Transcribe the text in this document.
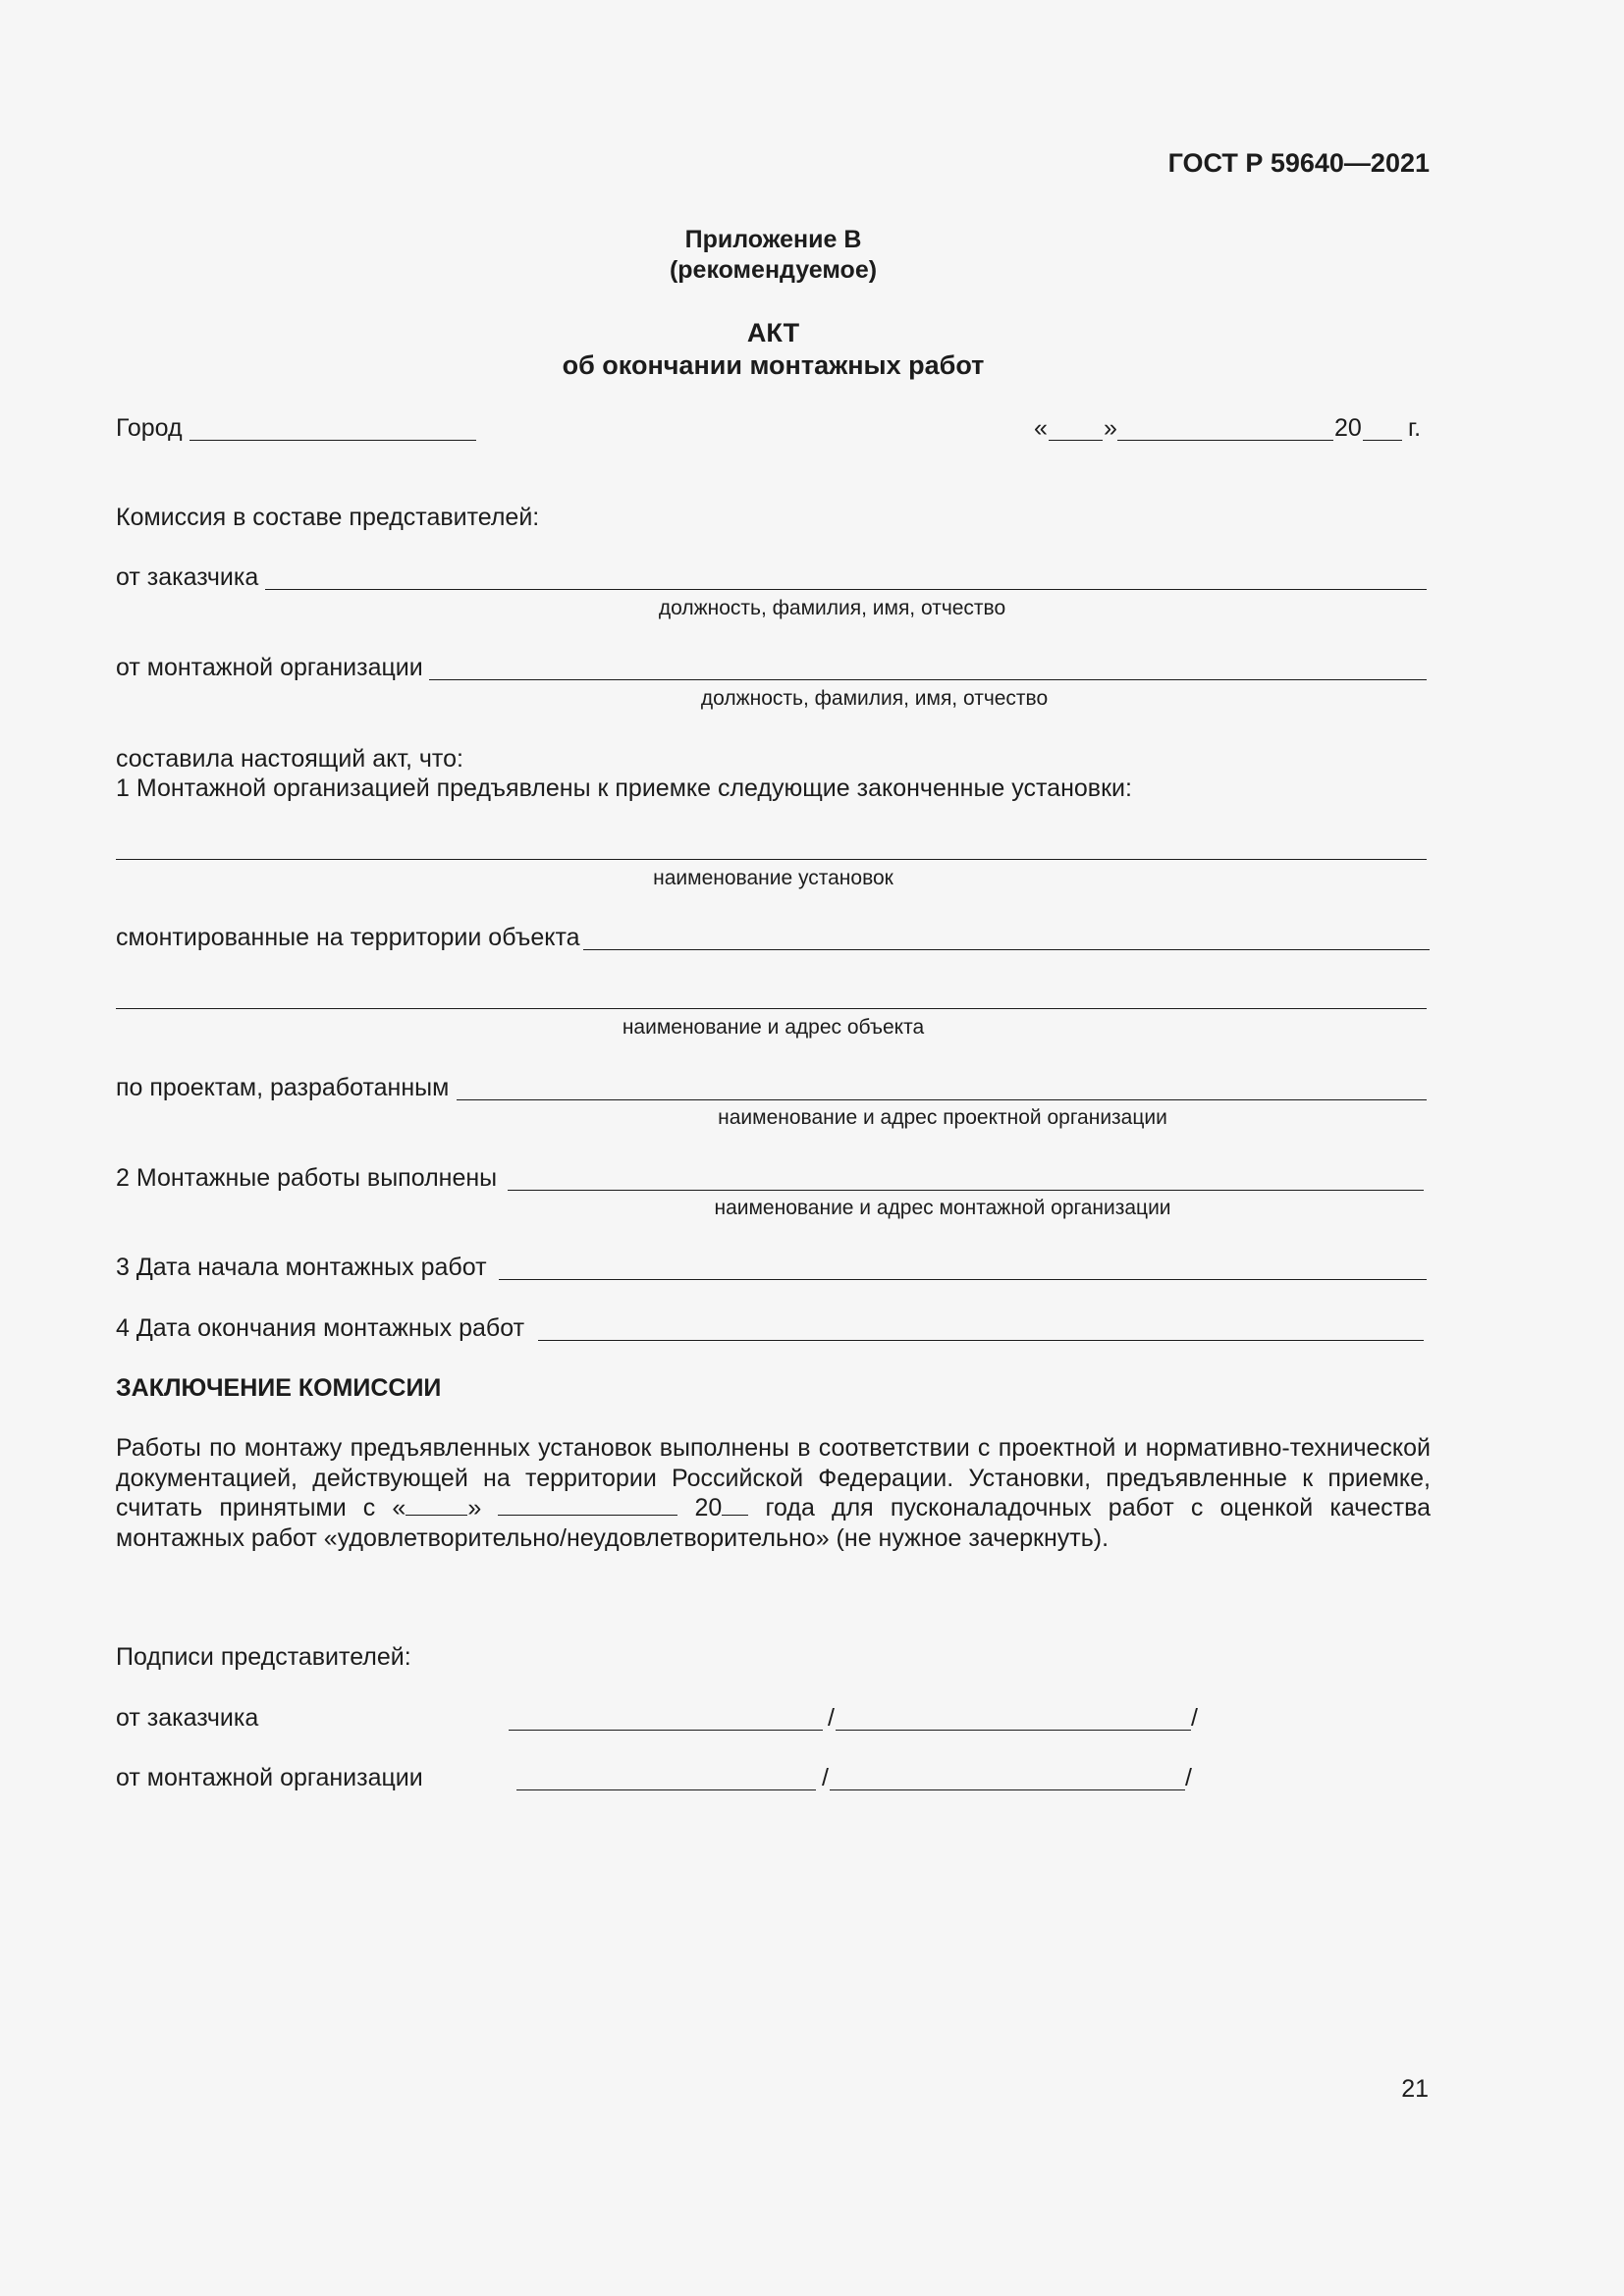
ГОСТ Р 59640—2021
Приложение В
(рекомендуемое)
АКТ
об окончании монтажных работ
Город	« »	20 г.
Комиссия в составе представителей:
от заказчика
должность, фамилия, имя, отчество
от монтажной организации
должность, фамилия, имя, отчество
составила настоящий акт, что:
1 Монтажной организацией предъявлены к приемке следующие законченные установки:
наименование установок
смонтированные на территории объекта
наименование и адрес объекта
по проектам, разработанным
наименование и адрес проектной организации
2 Монтажные работы выполнены
наименование и адрес монтажной организации
3 Дата начала монтажных работ
4 Дата окончания монтажных работ
ЗАКЛЮЧЕНИЕ КОМИССИИ
Работы по монтажу предъявленных установок выполнены в соответствии с проектной и нормативно-технической документацией, действующей на территории Российской Федерации. Установки, предъявленные к приемке, считать принятыми с «	»	20 года для пусконаладочных работ с оценкой качества монтажных работ «удовлетворительно/неудовлетворительно» (не нужное зачеркнуть).
Подписи представителей:
от заказчика	/	/
от монтажной организации	/	/
21
